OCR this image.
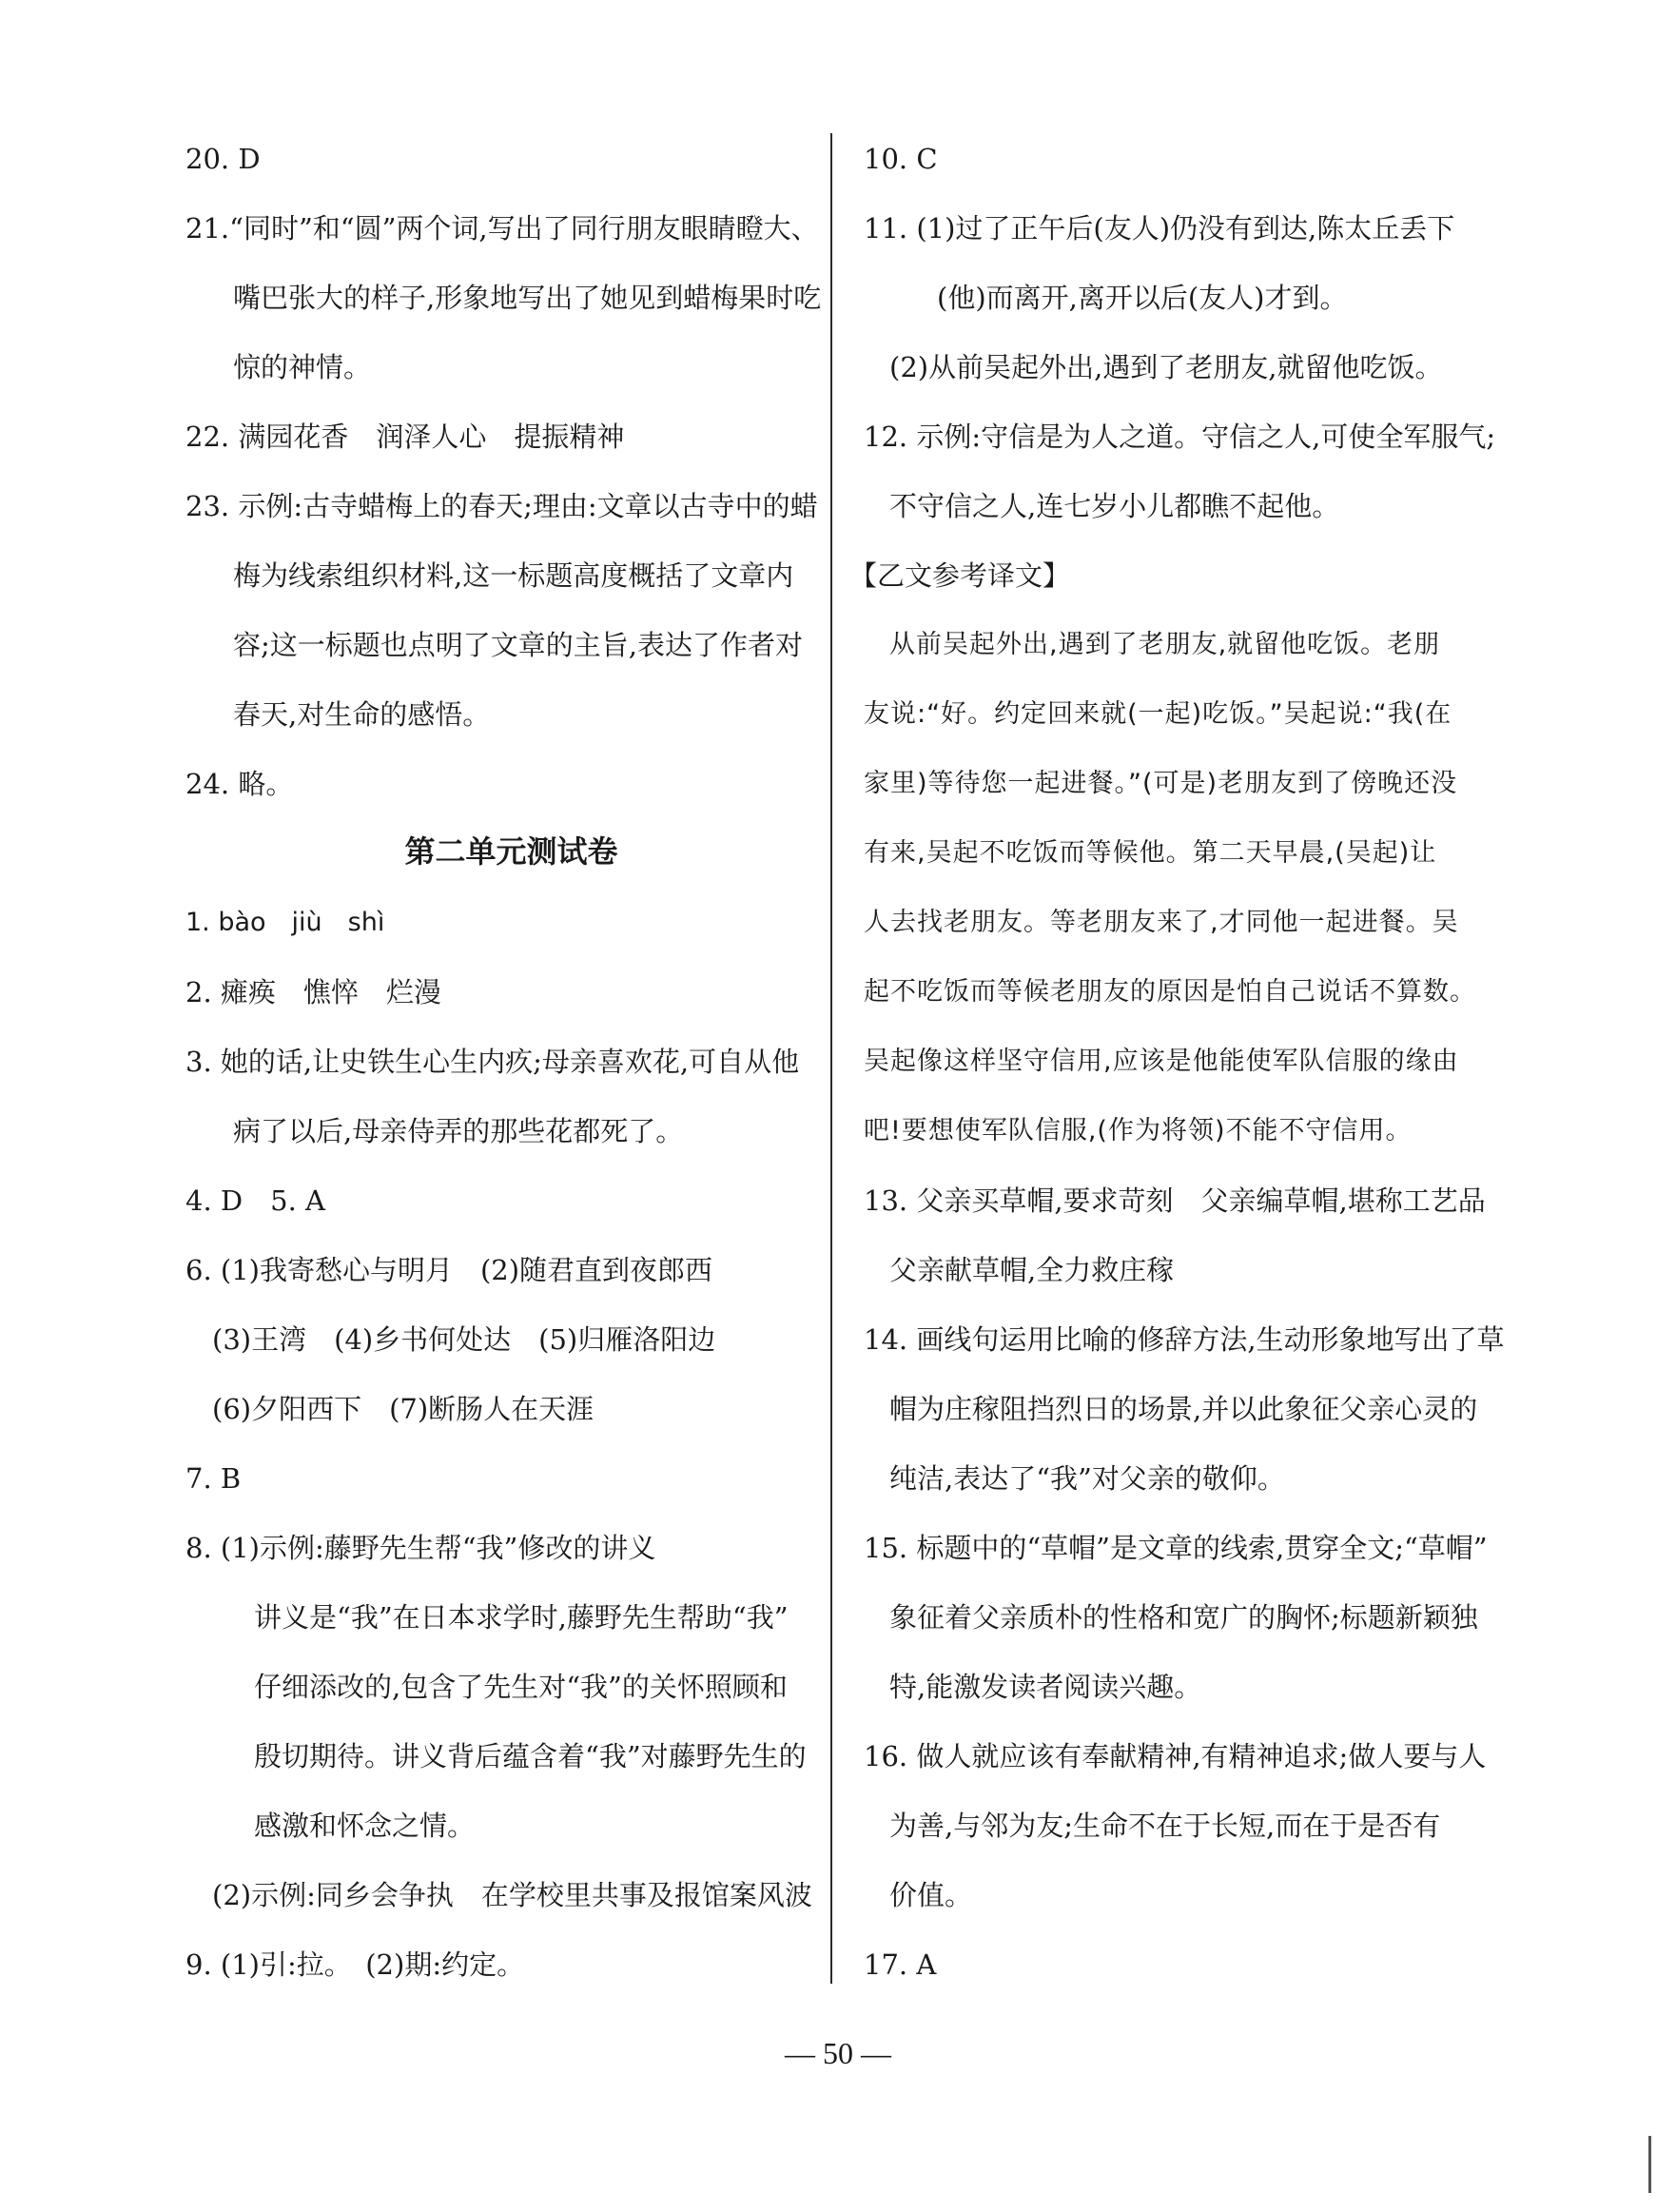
20. D
21.“同时”和“圆”两个词,写出了同行朋友眼睛瞪大、
嘴巴张大的样子,形象地写出了她见到蜡梅果时吃
惊的神情。
22. 满园花香　润泽人心　提振精神
23. 示例:古寺蜡梅上的春天;理由:文章以古寺中的蜡
梅为线索组织材料,这一标题高度概括了文章内
容;这一标题也点明了文章的主旨,表达了作者对
春天,对生命的感悟。
24. 略。
第二单元测试卷
1. bào　jiù　shì
2. 瘫痪　憔悴　烂漫
3. 她的话,让史铁生心生内疚;母亲喜欢花,可自从他
病了以后,母亲侍弄的那些花都死了。
4. D　5. A
6. (1)我寄愁心与明月　(2)随君直到夜郎西
(3)王湾　(4)乡书何处达　(5)归雁洛阳边
(6)夕阳西下　(7)断肠人在天涯
7. B
8. (1)示例:藤野先生帮“我”修改的讲义
讲义是“我”在日本求学时,藤野先生帮助“我”
仔细添改的,包含了先生对“我”的关怀照顾和
殷切期待。讲义背后蕴含着“我”对藤野先生的
感激和怀念之情。
(2)示例:同乡会争执　在学校里共事及报馆案风波
9. (1)引:拉。　(2)期:约定。
10. C
11. (1)过了正午后(友人)仍没有到达,陈太丘丢下
(他)而离开,离开以后(友人)才到。
(2)从前吴起外出,遇到了老朋友,就留他吃饭。
12. 示例:守信是为人之道。守信之人,可使全军服气;
不守信之人,连七岁小儿都瞧不起他。
【乙文参考译文】
从前吴起外出,遇到了老朋友,就留他吃饭。老朋
友说:“好。约定回来就(一起)吃饭。”吴起说:“我(在
家里)等待您一起进餐。”(可是)老朋友到了傍晚还没
有来,吴起不吃饭而等候他。第二天早晨,(吴起)让
人去找老朋友。等老朋友来了,才同他一起进餐。吴
起不吃饭而等候老朋友的原因是怕自己说话不算数。
吴起像这样坚守信用,应该是他能使军队信服的缘由
吧!要想使军队信服,(作为将领)不能不守信用。
13. 父亲买草帽,要求苛刻　父亲编草帽,堪称工艺品
父亲献草帽,全力救庄稼
14. 画线句运用比喻的修辞方法,生动形象地写出了草
帽为庄稼阻挡烈日的场景,并以此象征父亲心灵的
纯洁,表达了“我”对父亲的敬仰。
15. 标题中的“草帽”是文章的线索,贯穿全文;“草帽”
象征着父亲质朴的性格和宽广的胸怀;标题新颖独
特,能激发读者阅读兴趣。
16. 做人就应该有奉献精神,有精神追求;做人要与人
为善,与邻为友;生命不在于长短,而在于是否有
价值。
17. A
— 50 —
